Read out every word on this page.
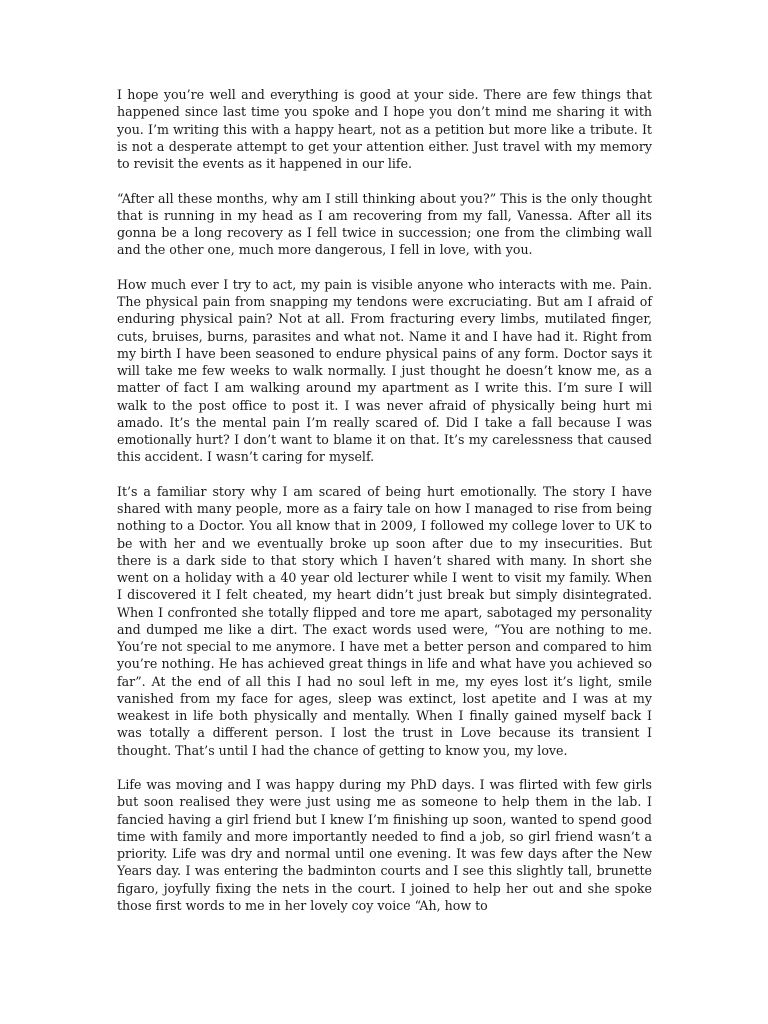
I hope you’re well and everything is good at your side. There are few things that happened since last time you spoke and I hope you don’t mind me sharing it with you. I’m writing this with a happy heart, not as a petition but more like a tribute. It is not a desperate attempt to get your attention either. Just travel with my memory to revisit the events as it happened in our life.

“After all these months, why am I still thinking about you?” This is the only thought that is running in my head as I am recovering from my fall, Vanessa. After all its gonna be a long recovery as I fell twice in succession; one from the climbing wall and the other one, much more dangerous, I fell in love, with you.

How much ever I try to act, my pain is visible anyone who interacts with me. Pain. The physical pain from snapping my tendons were excruciating. But am I afraid of enduring physical pain? Not at all. From fracturing every limbs, mutilated finger, cuts, bruises, burns, parasites and what not. Name it and I have had it. Right from my birth I have been seasoned to endure physical pains of any form. Doctor says it will take me few weeks to walk normally. I just thought he doesn’t know me, as a matter of fact I am walking around my apartment as I write this. I’m sure I will walk to the post office to post it. I was never afraid of physically being hurt mi amado. It’s the mental pain I’m really scared of. Did I take a fall because I was emotionally hurt? I don’t want to blame it on that. It’s my carelessness that caused this accident. I wasn’t caring for myself.

It’s a familiar story why I am scared of being hurt emotionally. The story I have shared with many people, more as a fairy tale on how I managed to rise from being nothing to a Doctor. You all know that in 2009, I followed my college lover to UK to be with her and we eventually broke up soon after due to my insecurities. But there is a dark side to that story which I haven’t shared with many. In short she went on a holiday with a 40 year old lecturer while I went to visit my family. When I discovered it I felt cheated, my heart didn’t just break but simply disintegrated. When I confronted she totally flipped and tore me apart, sabotaged my personality and dumped me like a dirt. The exact words used were, “You are nothing to me. You’re not special to me anymore. I have met a better person and compared to him you’re nothing. He has achieved great things in life and what have you achieved so far”. At the end of all this I had no soul left in me, my eyes lost it’s light, smile vanished from my face for ages, sleep was extinct, lost apetite and I was at my weakest in life both physically and mentally. When I finally gained myself back I was totally a different person. I lost the trust in Love because its transient I thought. That’s until I had the chance of getting to know you, my love.

Life was moving and I was happy during my PhD days. I was flirted with few girls but soon realised they were just using me as someone to help them in the lab. I fancied having a girl friend but I knew I’m finishing up soon, wanted to spend good time with family and more importantly needed to find a job, so girl friend wasn’t a priority. Life was dry and normal until one evening. It was few days after the New Years day. I was entering the badminton courts and I see this slightly tall, brunette figaro, joyfully fixing the nets in the court. I joined to help her out and she spoke those first words to me in her lovely coy voice “Ah, how to
